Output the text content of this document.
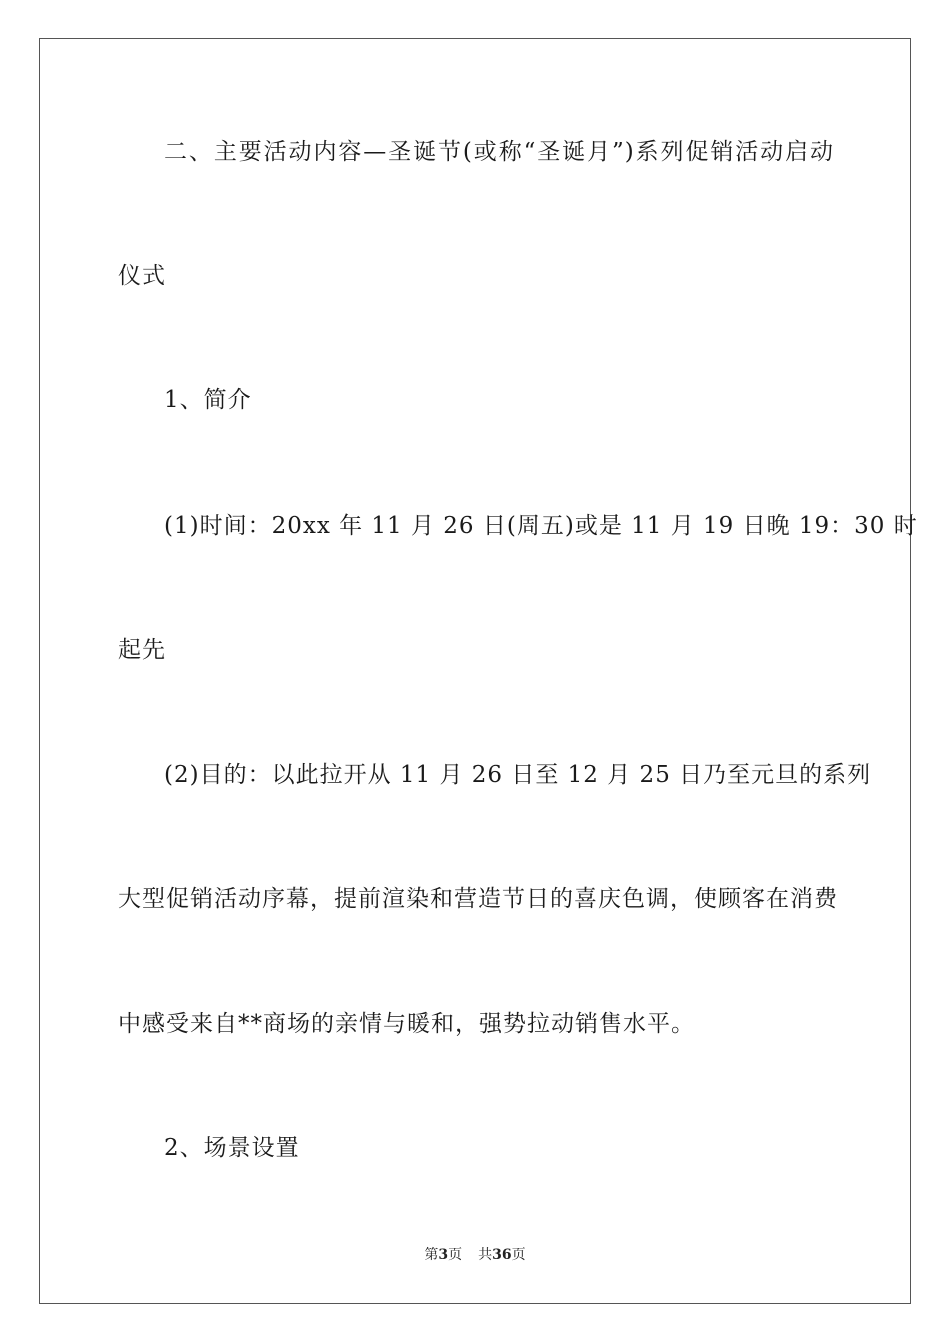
二、主要活动内容—圣诞节(或称“圣诞月”)系列促销活动启动
仪式
1、简介
(1)时间：20xx 年 11 月 26 日(周五)或是 11 月 19 日晚 19：30 时
起先
(2)目的：以此拉开从 11 月 26 日至 12 月 25 日乃至元旦的系列
大型促销活动序幕，提前渲染和营造节日的喜庆色调，使顾客在消费
中感受来自**商场的亲情与暖和，强势拉动销售水平。
2、场景设置
第3页 共36页
